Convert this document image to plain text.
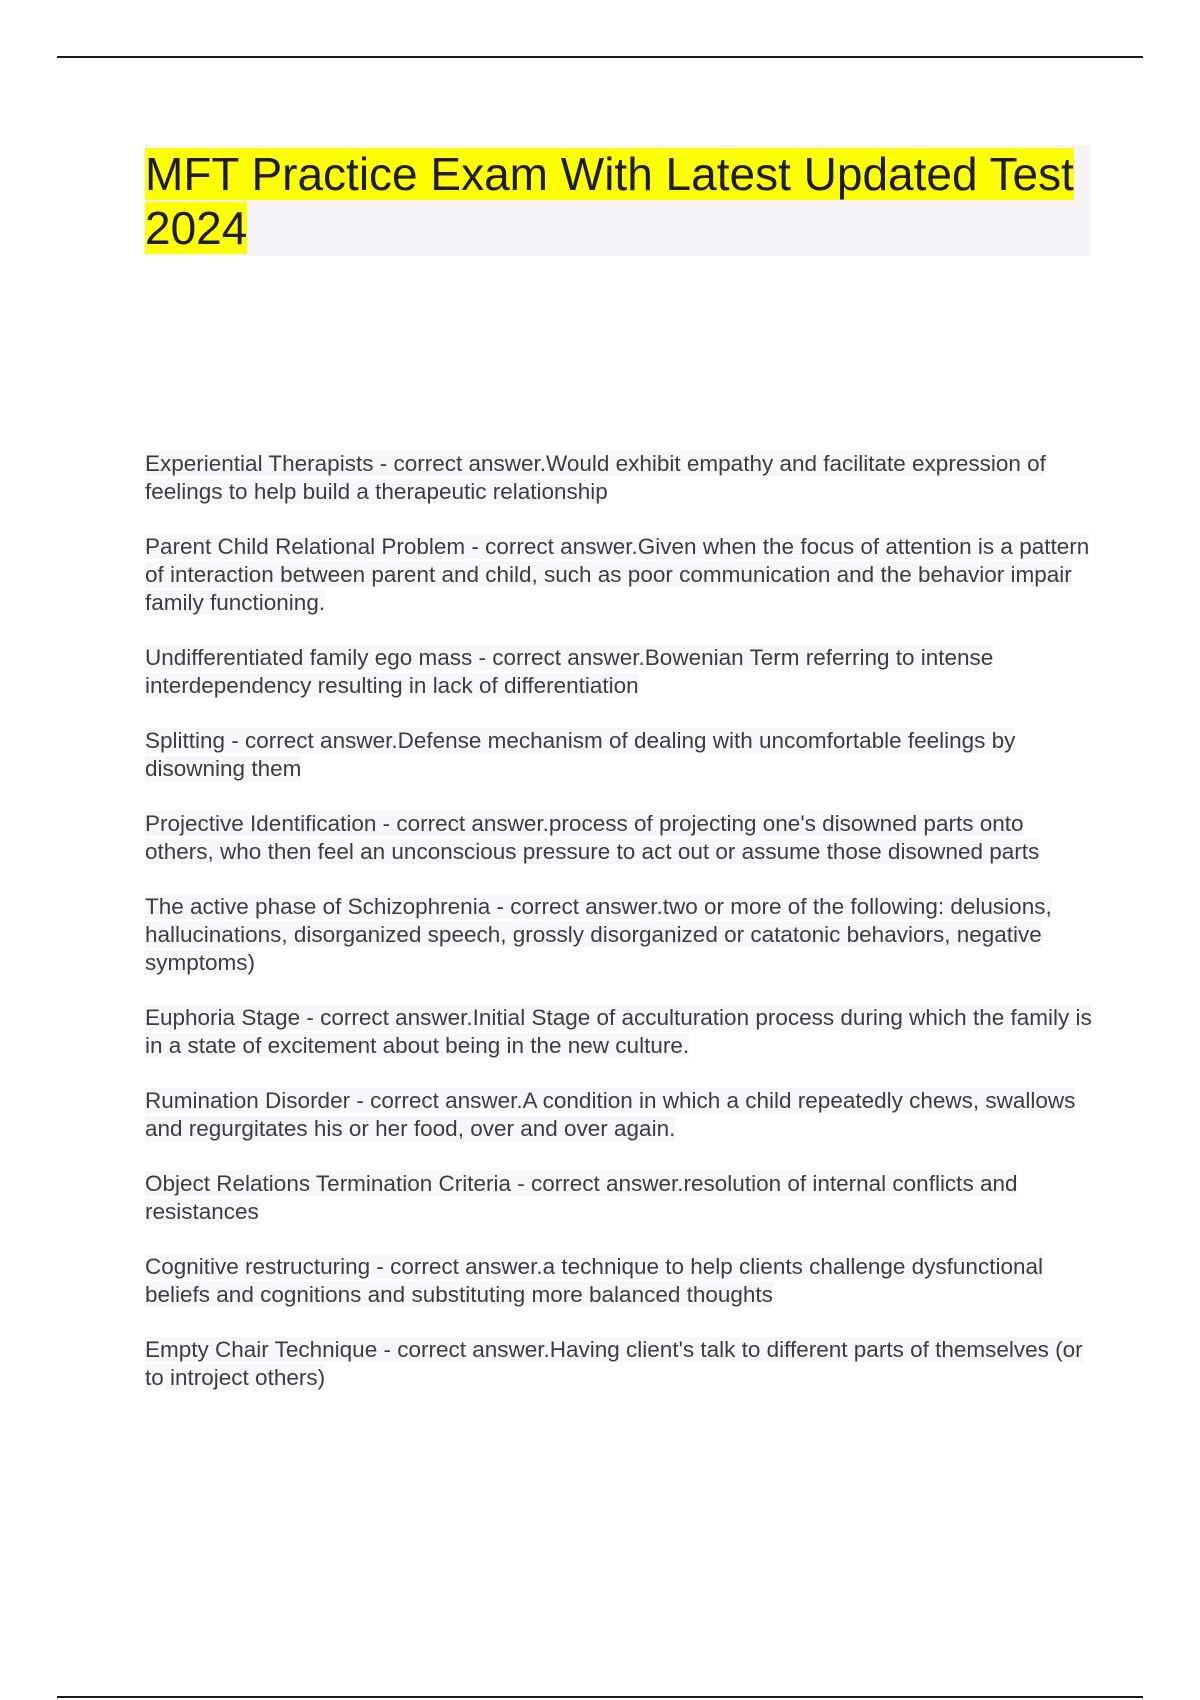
MFT Practice Exam With Latest Updated Test 2024

Experiential Therapists - correct answer.Would exhibit empathy and facilitate expression of feelings to help build a therapeutic relationship

Parent Child Relational Problem - correct answer.Given when the focus of attention is a pattern of interaction between parent and child, such as poor communication and the behavior impair family functioning.

Undifferentiated family ego mass - correct answer.Bowenian Term referring to intense interdependency resulting in lack of differentiation

Splitting - correct answer.Defense mechanism of dealing with uncomfortable feelings by disowning them

Projective Identification - correct answer.process of projecting one's disowned parts onto others, who then feel an unconscious pressure to act out or assume those disowned parts

The active phase of Schizophrenia - correct answer.two or more of the following: delusions, hallucinations, disorganized speech, grossly disorganized or catatonic behaviors, negative symptoms)

Euphoria Stage - correct answer.Initial Stage of acculturation process during which the family is in a state of excitement about being in the new culture.

Rumination Disorder - correct answer.A condition in which a child repeatedly chews, swallows and regurgitates his or her food, over and over again.

Object Relations Termination Criteria - correct answer.resolution of internal conflicts and resistances

Cognitive restructuring - correct answer.a technique to help clients challenge dysfunctional beliefs and cognitions and substituting more balanced thoughts

Empty Chair Technique - correct answer.Having client's talk to different parts of themselves (or to introject others)
